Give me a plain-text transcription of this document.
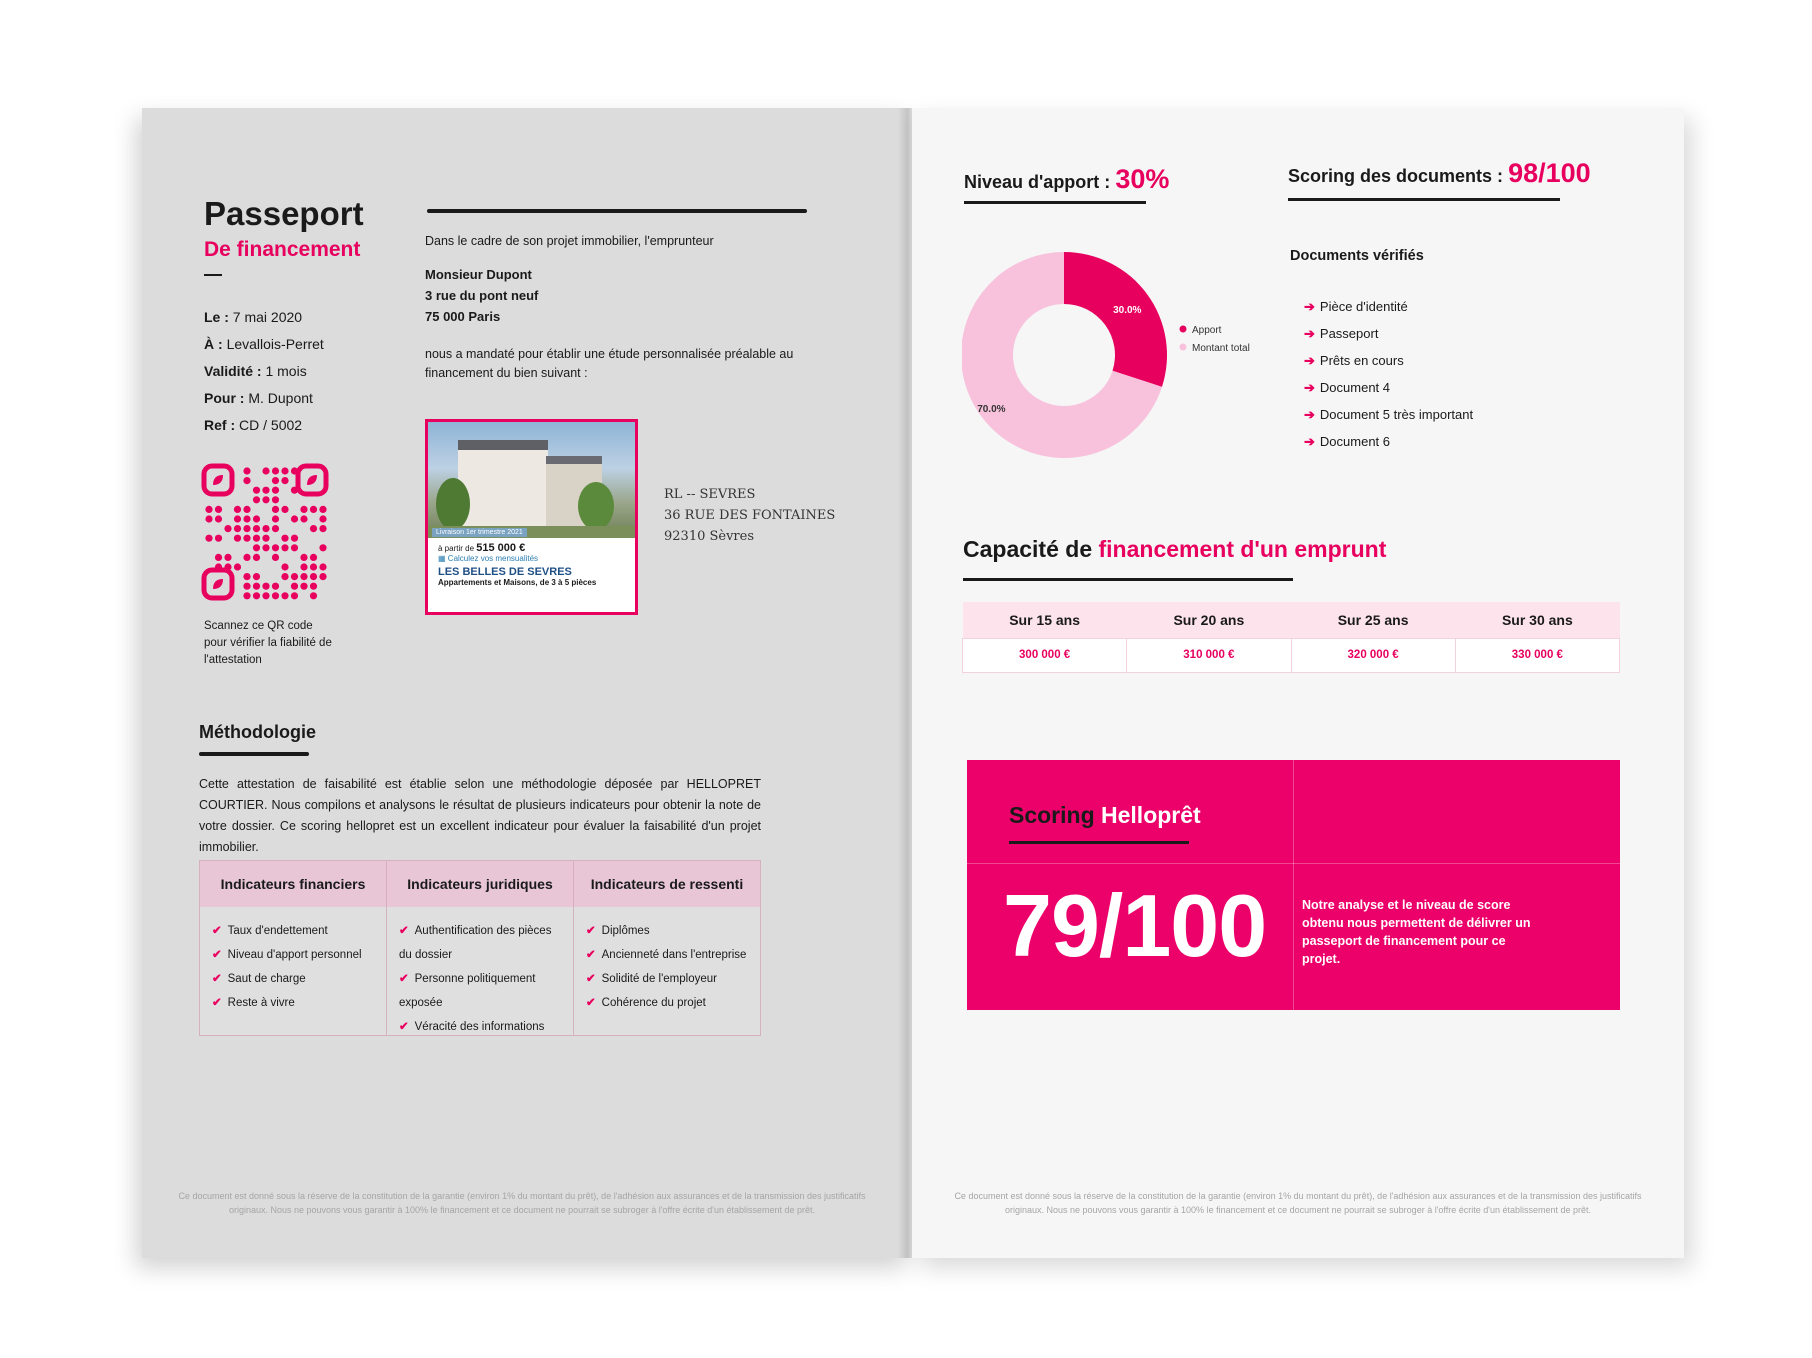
Passeport
De financement
Le : 7 mai 2020
À : Levallois-Perret
Validité : 1 mois
Pour : M. Dupont
Ref : CD / 5002
Scannez ce QR code pour vérifier la fiabilité de l'attestation
Dans le cadre de son projet immobilier, l'emprunteur
Monsieur Dupont
3 rue du pont neuf
75 000 Paris
nous a mandaté pour établir une étude personnalisée préalable au financement du bien suivant :
Livraison 1er trimestre 2021
à partir de 515 000 €
▦ Calculez vos mensualités
LES BELLES DE SEVRES
Appartements et Maisons, de 3 à 5 pièces
RL -- SEVRES
36 RUE DES FONTAINES
92310 Sèvres
Méthodologie
Cette attestation de faisabilité est établie selon une méthodologie déposée par HELLOPRET COURTIER. Nous compilons et analysons le résultat de plusieurs indicateurs pour obtenir la note de votre dossier. Ce scoring hellopret est un excellent indicateur pour évaluer la faisabilité d'un projet immobilier.
Indicateurs financiers
✔ Taux d'endettement
✔ Niveau d'apport personnel
✔ Saut de charge
✔ Reste à vivre
Indicateurs juridiques
✔ Authentification des pièces du dossier
✔ Personne politiquement exposée
✔ Véracité des informations
Indicateurs de ressenti
✔ Diplômes
✔ Ancienneté dans l'entreprise
✔ Solidité de l'employeur
✔ Cohérence du projet
Ce document est donné sous la réserve de la constitution de la garantie (environ 1% du montant du prêt), de l'adhésion aux assurances et de la transmission des justificatifs originaux. Nous ne pouvons vous garantir à 100% le financement et ce document ne pourrait se subroger à l'offre écrite d'un établissement de prêt.
Niveau d'apport : 30%	Scoring des documents : 98/100
30.0%
70.0%
Apport
Montant total
Documents vérifiés
➔ Pièce d'identité
➔ Passeport
➔ Prêts en cours
➔ Document 4
➔ Document 5 très important
➔ Document 6
Capacité de financement d'un emprunt
Sur 15 ans	Sur 20 ans	Sur 25 ans	Sur 30 ans
300 000 €	310 000 €	320 000 €	330 000 €
Scoring Helloprêt
79/100	Notre analyse et le niveau de score obtenu nous permettent de délivrer un passeport de financement pour ce projet.
Ce document est donné sous la réserve de la constitution de la garantie (environ 1% du montant du prêt), de l'adhésion aux assurances et de la transmission des justificatifs originaux. Nous ne pouvons vous garantir à 100% le financement et ce document ne pourrait se subroger à l'offre écrite d'un établissement de prêt.
